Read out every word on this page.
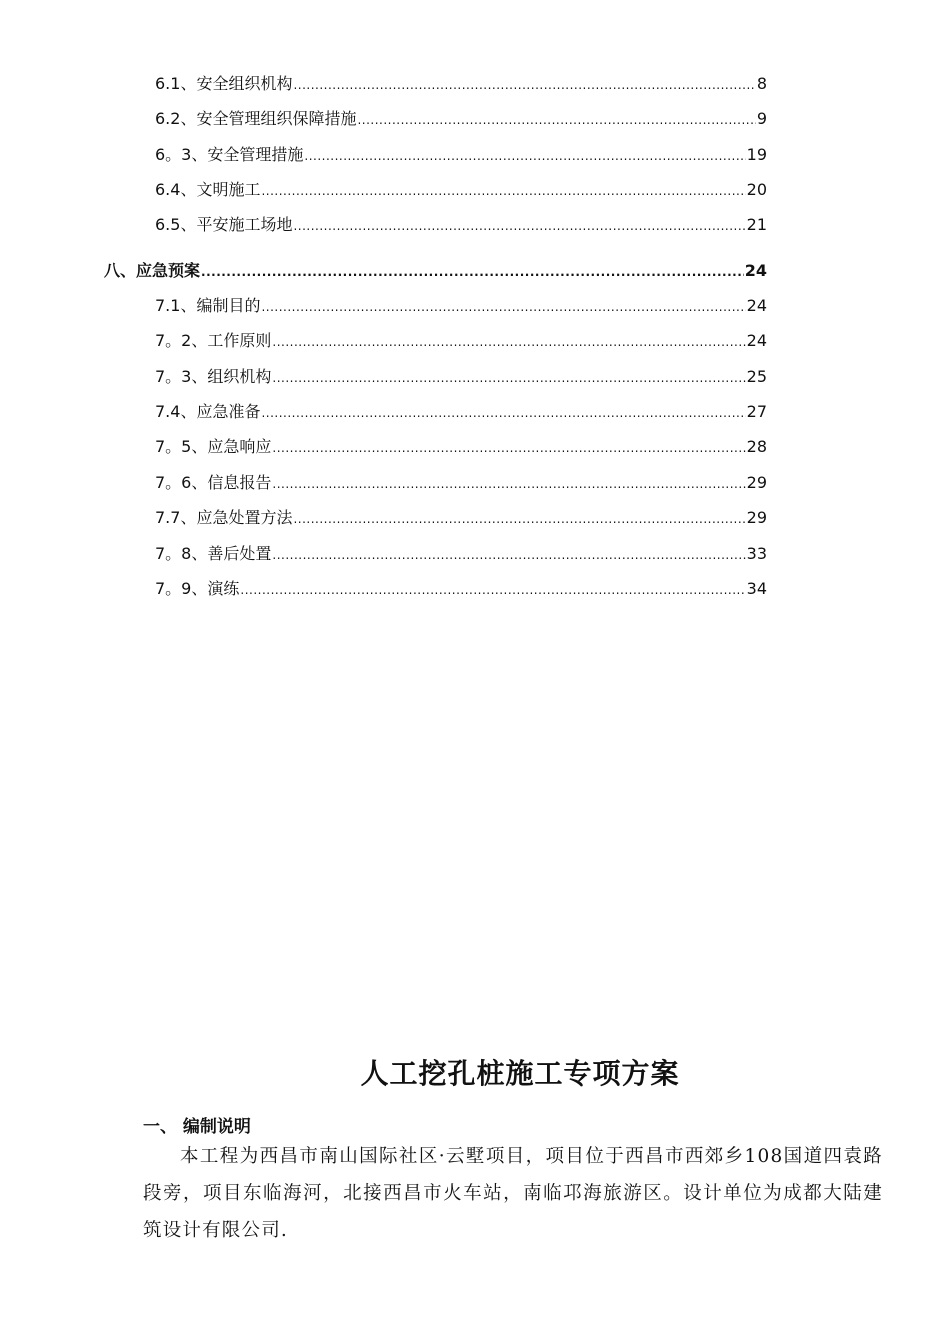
6.1、安全组织机构 .....	8
6.2、安全管理组织保障措施 .....	9
6。3、安全管理措施 .....	19
6.4、文明施工 .....	20
6.5、平安施工场地 .....	21
八、应急预案 .....	24
7.1、编制目的 .....	24
7。2、工作原则 .....	24
7。3、组织机构 .....	25
7.4、应急准备 .....	27
7。5、应急响应 .....	28
7。6、信息报告 .....	29
7.7、应急处置方法 .....	29
7。8、善后处置 .....	33
7。9、演练 .....	34
人工挖孔桩施工专项方案
一、 编制说明
本工程为西昌市南山国际社区·云墅项目，项目位于西昌市西郊乡108国道四袁路段旁，项目东临海河，北接西昌市火车站，南临邛海旅游区。设计单位为成都大陆建筑设计有限公司.
